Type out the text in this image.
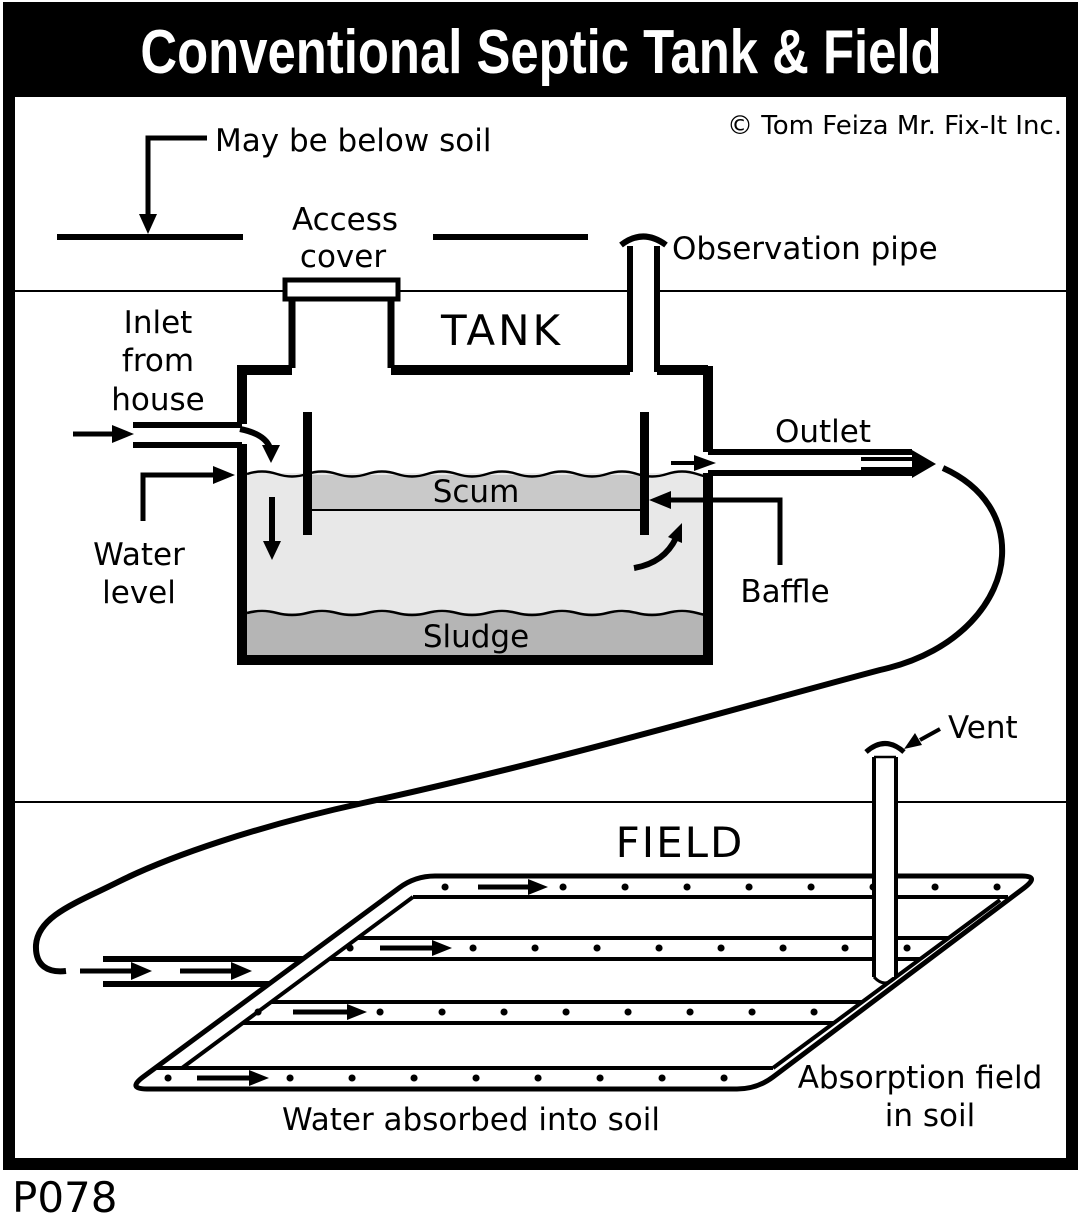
Conventional Septic Tank & Field
© Tom Feiza Mr. Fix-It Inc.
May be below soil
Scum
Sludge
Access
cover	Observation pipe
TANK
Inlet
from
house
Water
level
Outlet
Baffle
FIELD
Vent
Water absorbed into soil
Absorption field
in soil
P078
